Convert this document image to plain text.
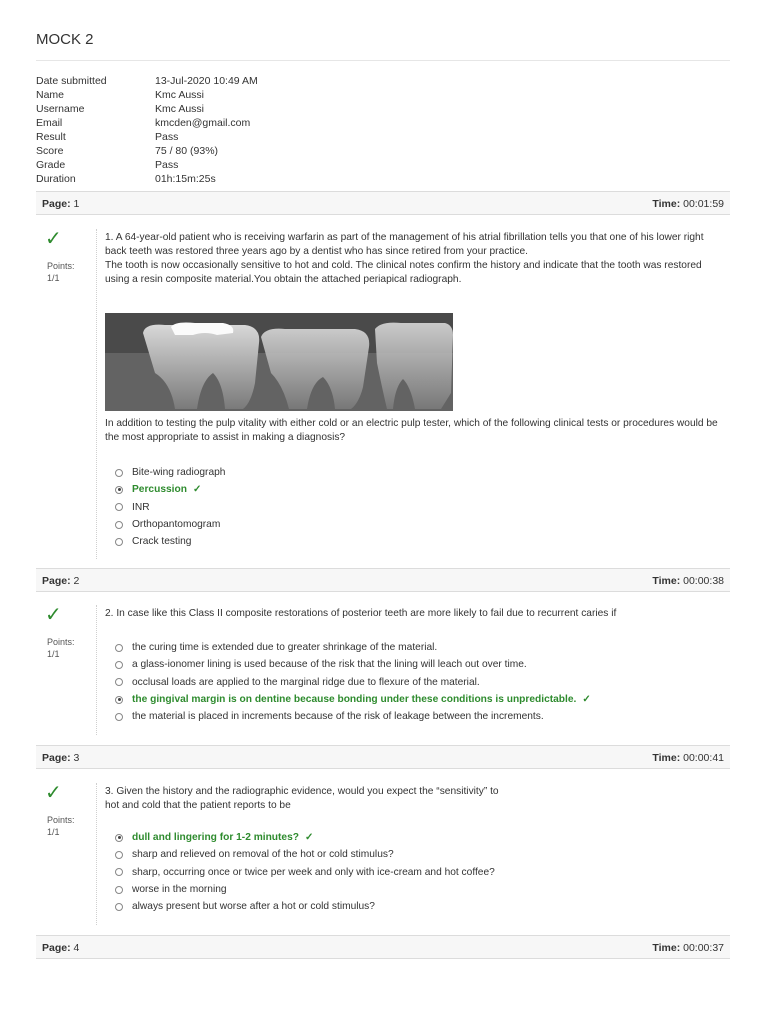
MOCK 2
Date submitted	13-Jul-2020 10:49 AM
Name	Kmc Aussi
Username	Kmc Aussi
Email	kmcden@gmail.com
Result	Pass
Score	75 / 80 (93%)
Grade	Pass
Duration	01h:15m:25s
Page: 1	Time: 00:01:59
✓
Points:
1/1

1. A 64-year-old patient who is receiving warfarin as part of the management of his atrial fibrillation tells you that one of his lower right back teeth was restored three years ago by a dentist who has since retired from your practice.

The tooth is now occasionally sensitive to hot and cold. The clinical notes confirm the history and indicate that the tooth was restored using a resin composite material.You obtain the attached periapical radiograph.

In addition to testing the pulp vitality with either cold or an electric pulp tester, which of the following clinical tests or procedures would be the most appropriate to assist in making a diagnosis?
Bite-wing radiograph
Percussion ✓
INR
Orthopantomogram
Crack testing
Page: 2	Time: 00:00:38
✓
Points:
1/1

2. In case like this Class II composite restorations of posterior teeth are more likely to fail due to recurrent caries if

the curing time is extended due to greater shrinkage of the material.
a glass-ionomer lining is used because of the risk that the lining will leach out over time.
occlusal loads are applied to the marginal ridge due to flexure of the material.
the gingival margin is on dentine because bonding under these conditions is unpredictable. ✓
the material is placed in increments because of the risk of leakage between the increments.
Page: 3	Time: 00:00:41
✓
Points:
1/1

3. Given the history and the radiographic evidence, would you expect the “sensitivity” to

hot and cold that the patient reports to be

dull and lingering for 1-2 minutes? ✓
sharp and relieved on removal of the hot or cold stimulus?
sharp, occurring once or twice per week and only with ice-cream and hot coffee?
worse in the morning
always present but worse after a hot or cold stimulus?
Page: 4	Time: 00:00:37
